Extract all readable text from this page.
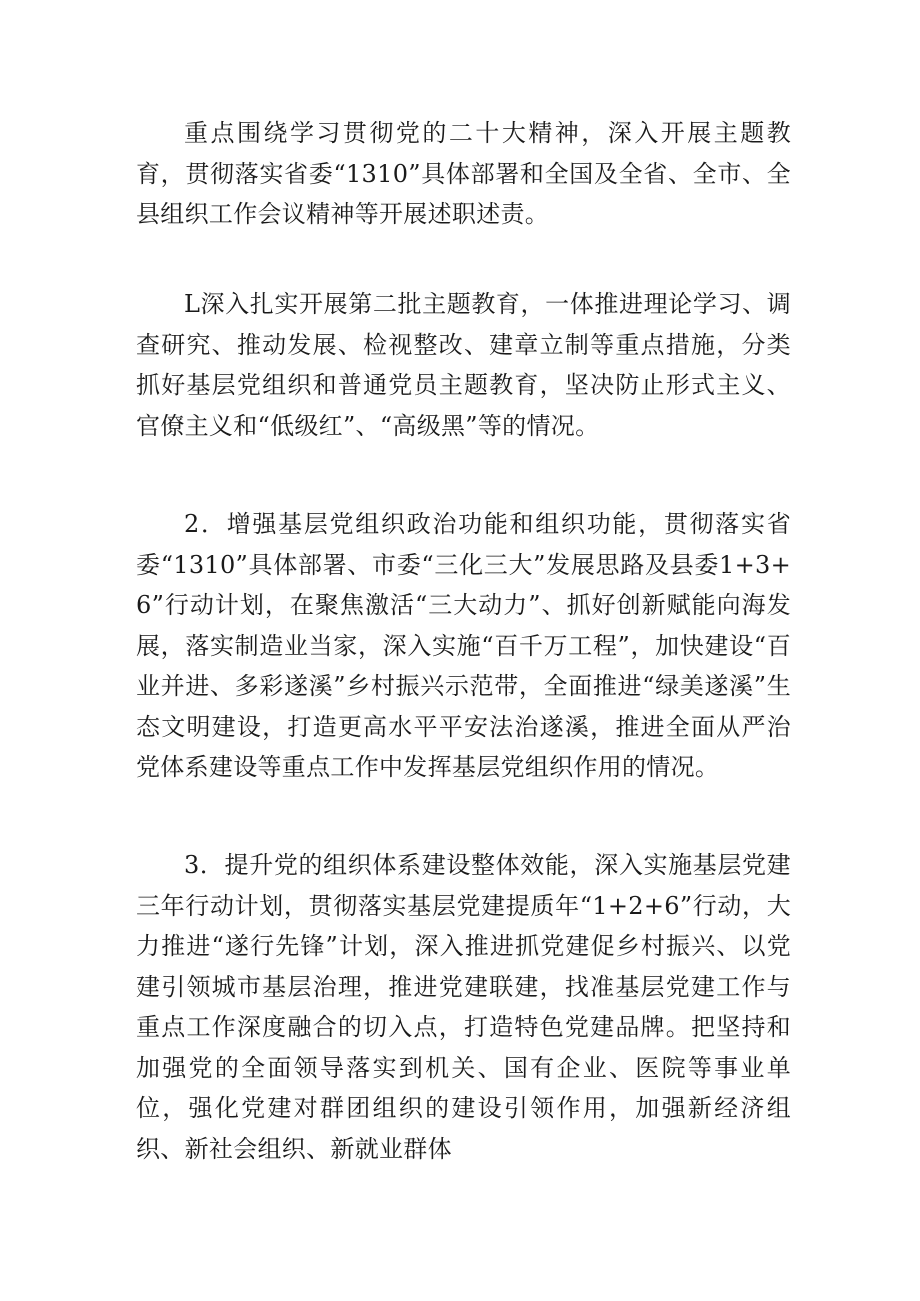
重点围绕学习贯彻党的二十大精神，深入开展主题教育，贯彻落实省委“1310”具体部署和全国及全省、全市、全县组织工作会议精神等开展述职述责。

L深入扎实开展第二批主题教育，一体推进理论学习、调查研究、推动发展、检视整改、建章立制等重点措施，分类抓好基层党组织和普通党员主题教育，坚决防止形式主义、官僚主义和“低级红”、“高级黑”等的情况。

2．增强基层党组织政治功能和组织功能，贯彻落实省委“1310”具体部署、市委“三化三大”发展思路及县委1+3+6”行动计划，在聚焦激活“三大动力”、抓好创新赋能向海发展，落实制造业当家，深入实施“百千万工程”，加快建设“百业并进、多彩遂溪”乡村振兴示范带，全面推进“绿美遂溪”生态文明建设，打造更高水平平安法治遂溪，推进全面从严治党体系建设等重点工作中发挥基层党组织作用的情况。

3．提升党的组织体系建设整体效能，深入实施基层党建三年行动计划，贯彻落实基层党建提质年“1+2+6”行动，大力推进“遂行先锋”计划，深入推进抓党建促乡村振兴、以党建引领城市基层治理，推进党建联建，找准基层党建工作与重点工作深度融合的切入点，打造特色党建品牌。把坚持和加强党的全面领导落实到机关、国有企业、医院等事业单位，强化党建对群团组织的建设引领作用，加强新经济组织、新社会组织、新就业群体
